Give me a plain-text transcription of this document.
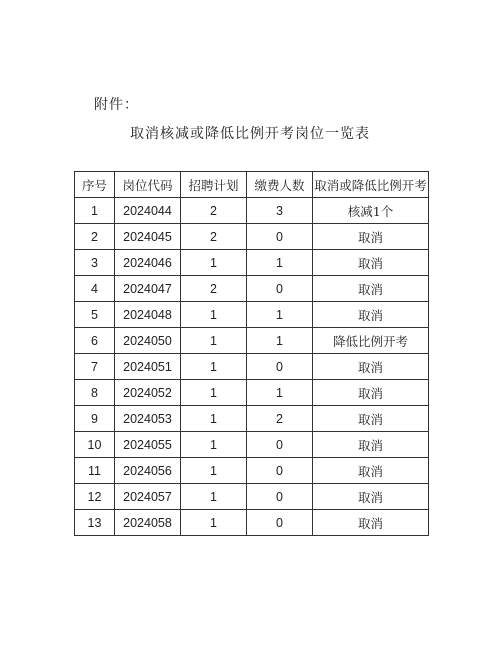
附件：
取消核减或降低比例开考岗位一览表
序号	岗位代码	招聘计划	缴费人数	取消或降低比例开考
1	2024044	2	3	核减1个
2	2024045	2	0	取消
3	2024046	1	1	取消
4	2024047	2	0	取消
5	2024048	1	1	取消
6	2024050	1	1	降低比例开考
7	2024051	1	0	取消
8	2024052	1	1	取消
9	2024053	1	2	取消
10	2024055	1	0	取消
11	2024056	1	0	取消
12	2024057	1	0	取消
13	2024058	1	0	取消
